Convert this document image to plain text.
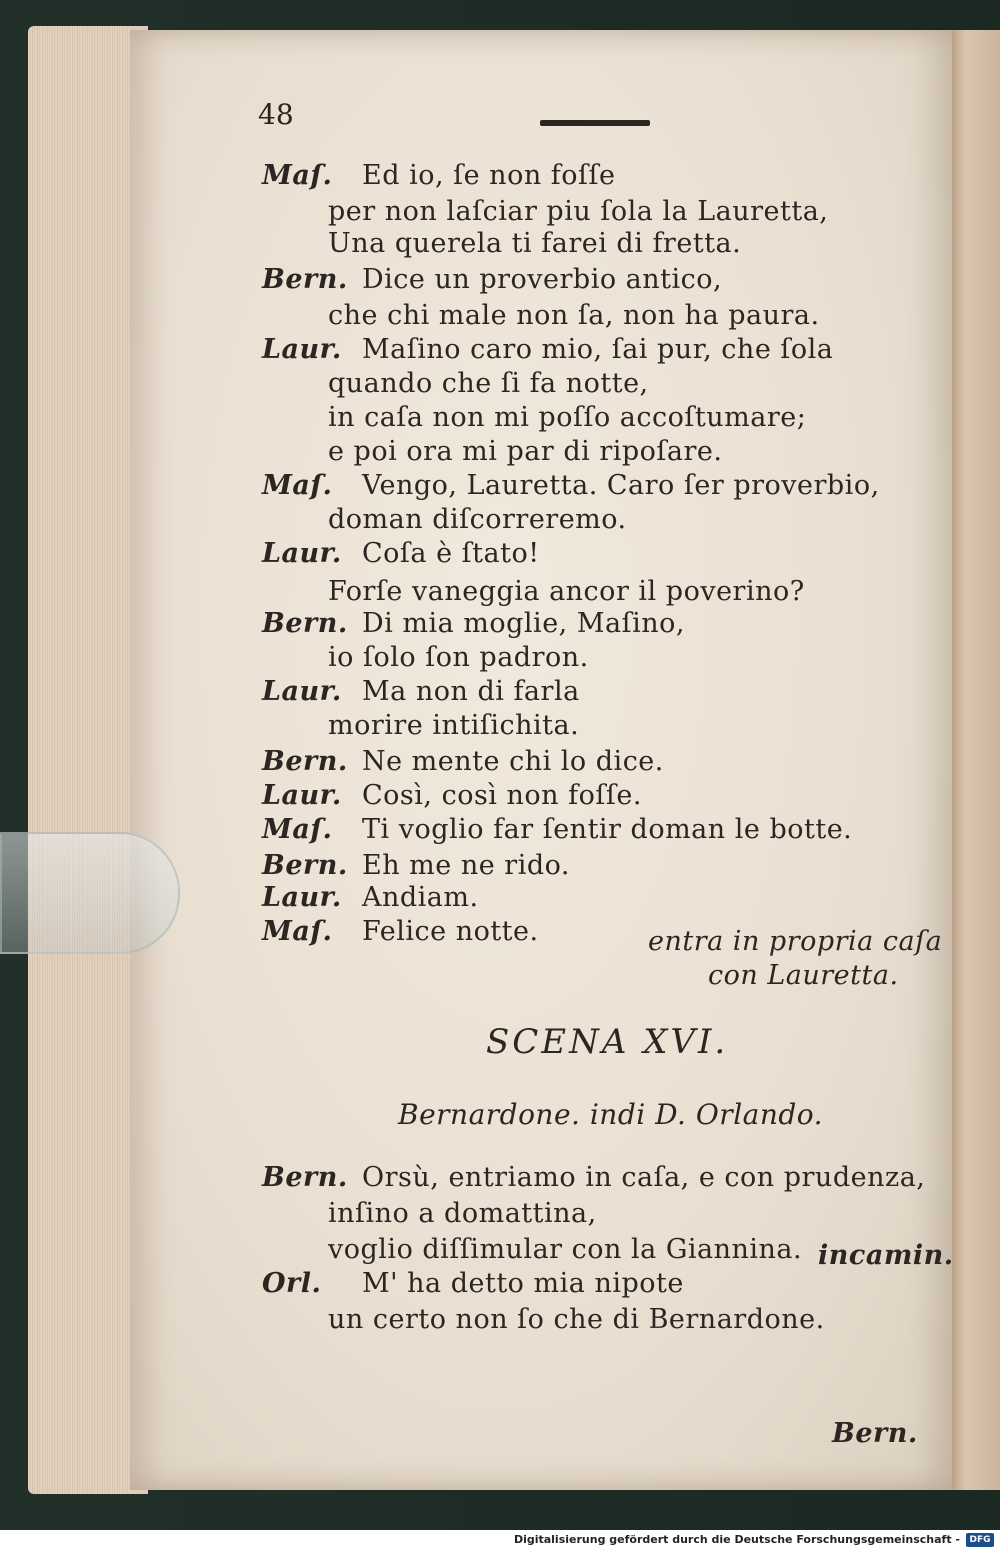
48
Maſ. Ed io, ſe non foſſe
per non laſciar piu ſola la Lauretta,
Una querela ti farei di fretta.
Bern. Dice un proverbio antico,
che chi male non ſa, non ha paura.
Laur. Maſino caro mio, ſai pur, che ſola
quando che ſi fa notte,
in caſa non mi poſſo accoſtumare;
e poi ora mi par di ripoſare.
Maſ. Vengo, Lauretta. Caro ſer proverbio,
doman diſcorreremo.
Laur. Coſa è ſtato!
Forſe vaneggia ancor il poverino?
Bern. Di mia moglie, Maſino,
io ſolo ſon padron.
Laur. Ma non di farla
morire intiſichita.
Bern. Ne mente chi lo dice.
Laur. Così, così non foſſe.
Maſ. Ti voglio far ſentir doman le botte.
Bern. Eh me ne rido.
Laur. Andiam.
Maſ. Felice notte.
Bern. Orsù, entriamo in caſa, e con prudenza,
inſino a domattina,
voglio diſſimular con la Giannina.
Orl. M' ha detto mia nipote
un certo non ſo che di Bernardone.
entra in propria caſa
con Lauretta.
SCENA XVI.
Bernardone. indi D. Orlando.
incamin.
Bern.
Digitalisierung gefördert durch die Deutsche Forschungsgemeinschaft -	DFG
